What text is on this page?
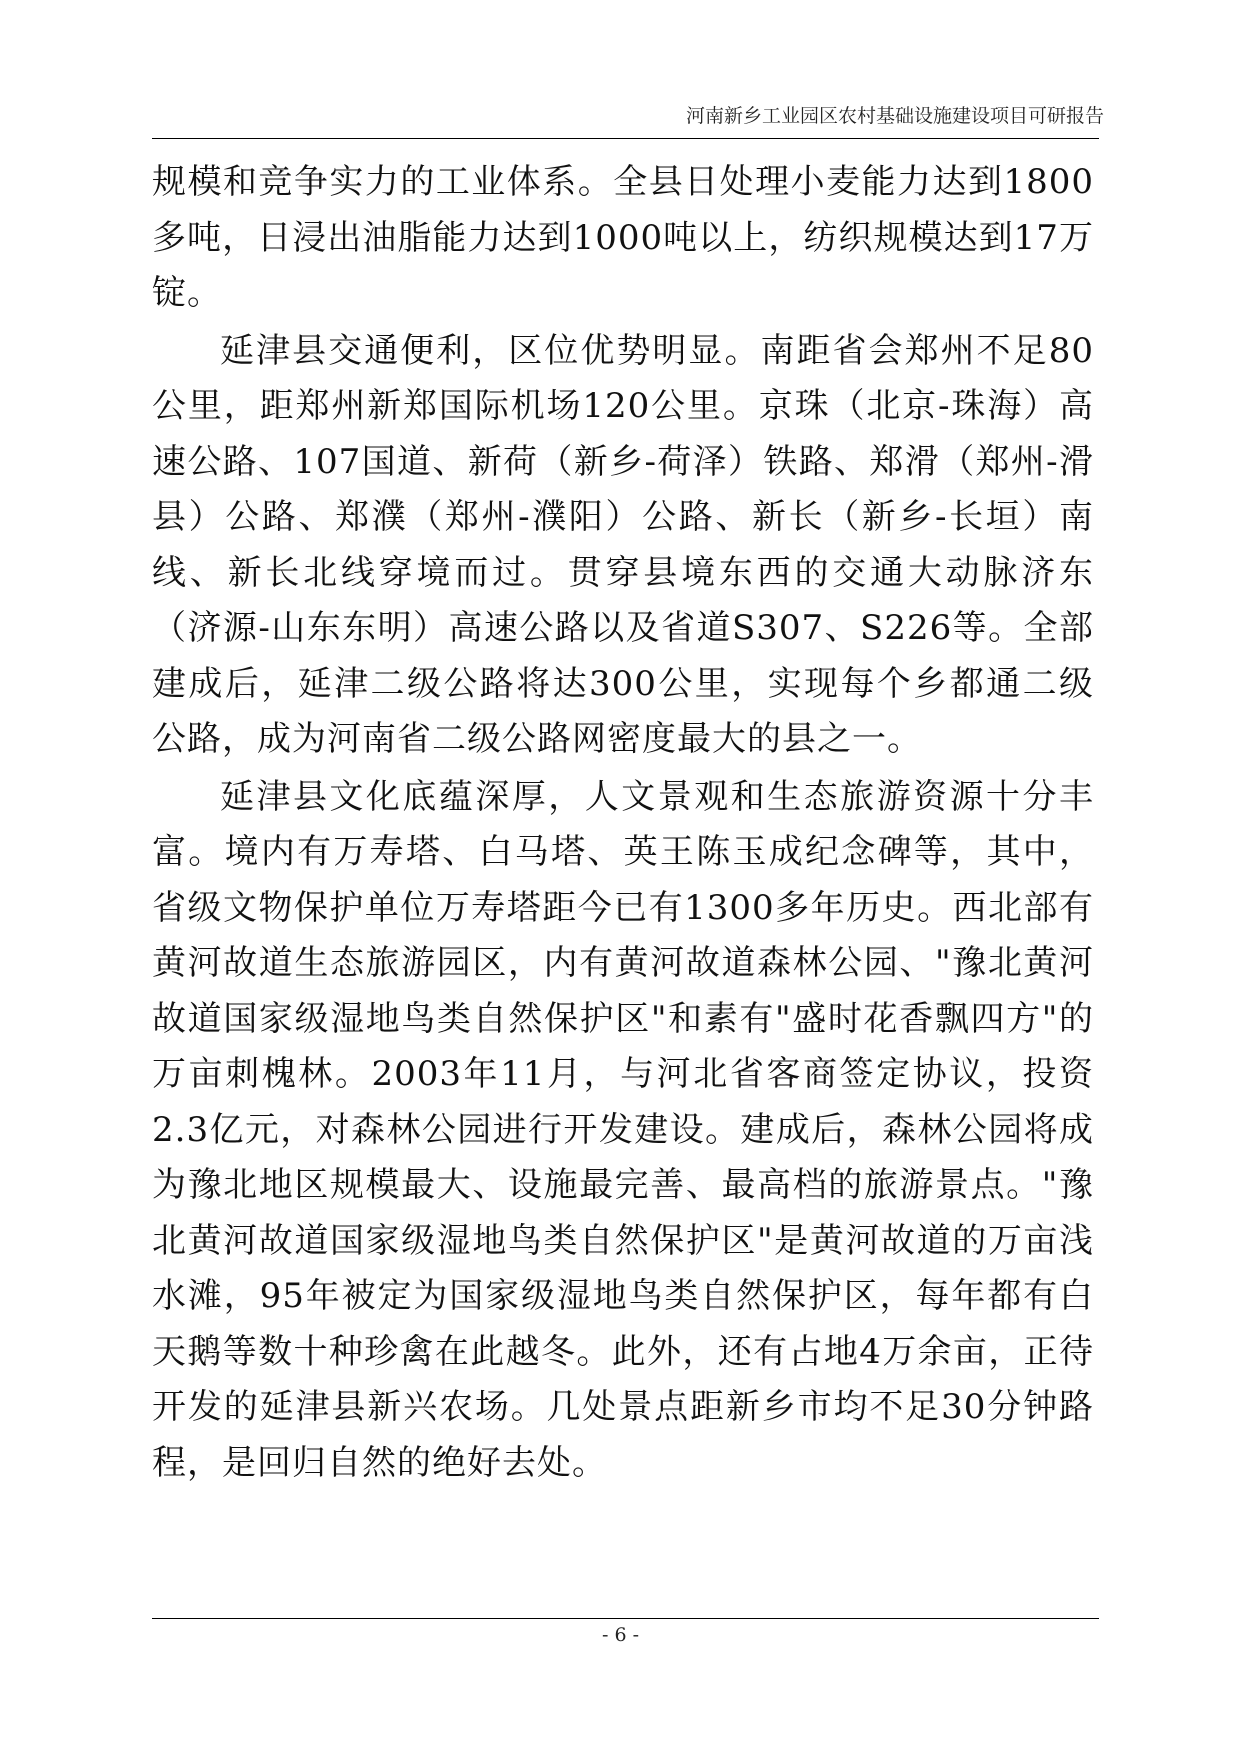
河南新乡工业园区农村基础设施建设项目可研报告

规模和竞争实力的工业体系。全县日处理小麦能力达到1800多吨，日浸出油脂能力达到1000吨以上，纺织规模达到17万锭。

延津县交通便利，区位优势明显。南距省会郑州不足80公里，距郑州新郑国际机场120公里。京珠（北京-珠海）高速公路、107国道、新荷（新乡-荷泽）铁路、郑滑（郑州-滑县）公路、郑濮（郑州-濮阳）公路、新长（新乡-长垣）南线、新长北线穿境而过。贯穿县境东西的交通大动脉济东（济源-山东东明）高速公路以及省道S307、S226等。全部建成后，延津二级公路将达300公里，实现每个乡都通二级公路，成为河南省二级公路网密度最大的县之一。

延津县文化底蕴深厚，人文景观和生态旅游资源十分丰富。境内有万寿塔、白马塔、英王陈玉成纪念碑等，其中，省级文物保护单位万寿塔距今已有1300多年历史。西北部有黄河故道生态旅游园区，内有黄河故道森林公园、"豫北黄河故道国家级湿地鸟类自然保护区"和素有"盛时花香飘四方"的万亩刺槐林。2003年11月，与河北省客商签定协议，投资2.3亿元，对森林公园进行开发建设。建成后，森林公园将成为豫北地区规模最大、设施最完善、最高档的旅游景点。"豫北黄河故道国家级湿地鸟类自然保护区"是黄河故道的万亩浅水滩，95年被定为国家级湿地鸟类自然保护区，每年都有白天鹅等数十种珍禽在此越冬。此外，还有占地4万余亩，正待开发的延津县新兴农场。几处景点距新乡市均不足30分钟路程，是回归自然的绝好去处。

- 6 -
